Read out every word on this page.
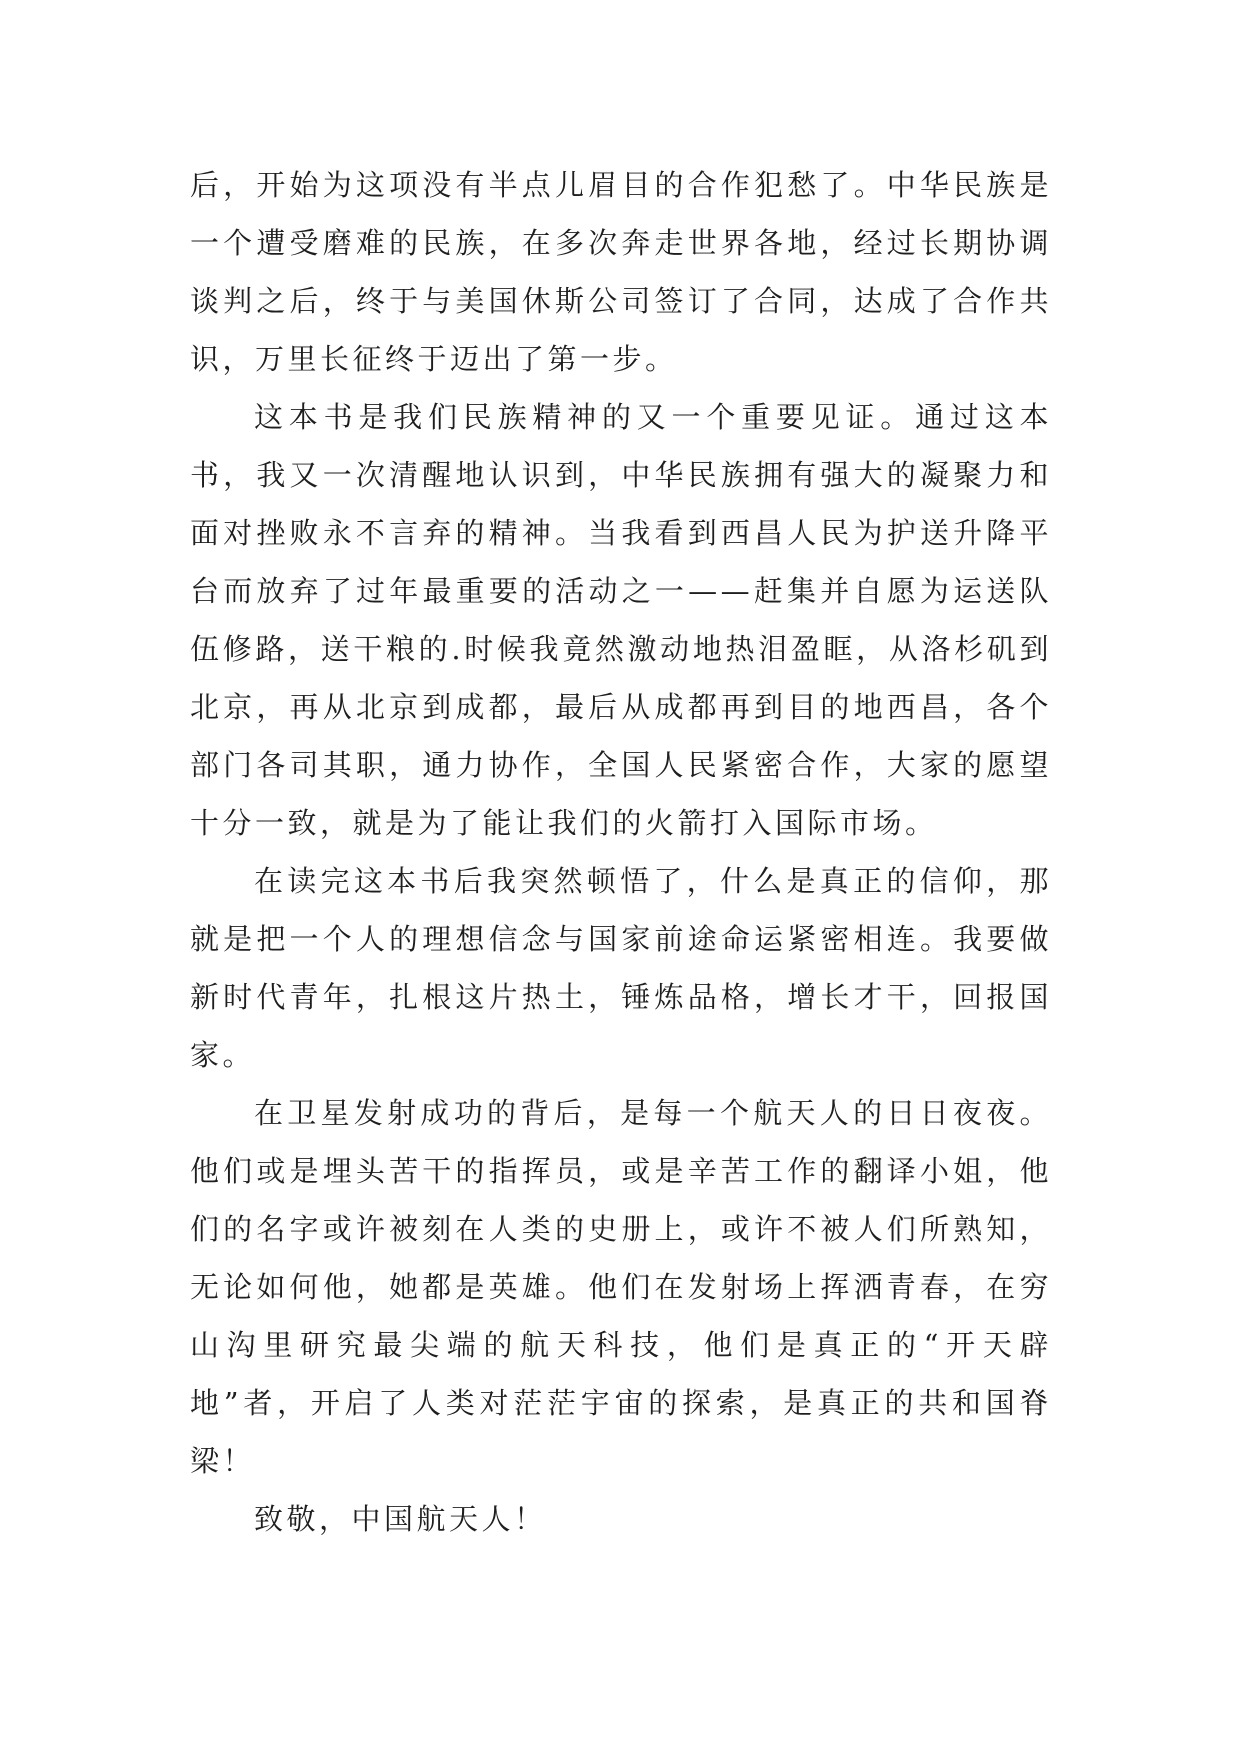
后，开始为这项没有半点儿眉目的合作犯愁了。中华民族是一个遭受磨难的民族，在多次奔走世界各地，经过长期协调谈判之后，终于与美国休斯公司签订了合同，达成了合作共识，万里长征终于迈出了第一步。

这本书是我们民族精神的又一个重要见证。通过这本书，我又一次清醒地认识到，中华民族拥有强大的凝聚力和面对挫败永不言弃的精神。当我看到西昌人民为护送升降平台而放弃了过年最重要的活动之一——赶集并自愿为运送队伍修路，送干粮的.时候我竟然激动地热泪盈眶，从洛杉矶到北京，再从北京到成都，最后从成都再到目的地西昌，各个部门各司其职，通力协作，全国人民紧密合作，大家的愿望十分一致，就是为了能让我们的火箭打入国际市场。

在读完这本书后我突然顿悟了，什么是真正的信仰，那就是把一个人的理想信念与国家前途命运紧密相连。我要做新时代青年，扎根这片热土，锤炼品格，增长才干，回报国家。

在卫星发射成功的背后，是每一个航天人的日日夜夜。他们或是埋头苦干的指挥员，或是辛苦工作的翻译小姐，他们的名字或许被刻在人类的史册上，或许不被人们所熟知，无论如何他，她都是英雄。他们在发射场上挥洒青春，在穷山沟里研究最尖端的航天科技，他们是真正的“开天辟地”者，开启了人类对茫茫宇宙的探索，是真正的共和国脊梁！

致敬，中国航天人！
